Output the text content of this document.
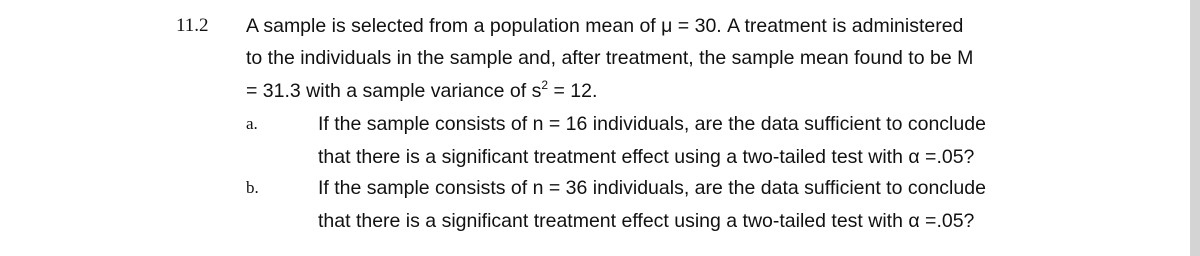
11.2 A sample is selected from a population mean of μ = 30. A treatment is administered
to the individuals in the sample and, after treatment, the sample mean found to be M
= 31.3 with a sample variance of $s^2 = 12$.
a.	If the sample consists of n = 16 individuals, are the data sufficient to conclude
that there is a significant treatment effect using a two-tailed test with α =.05?
b.	If the sample consists of n = 36 individuals, are the data sufficient to conclude
that there is a significant treatment effect using a two-tailed test with α =.05?
